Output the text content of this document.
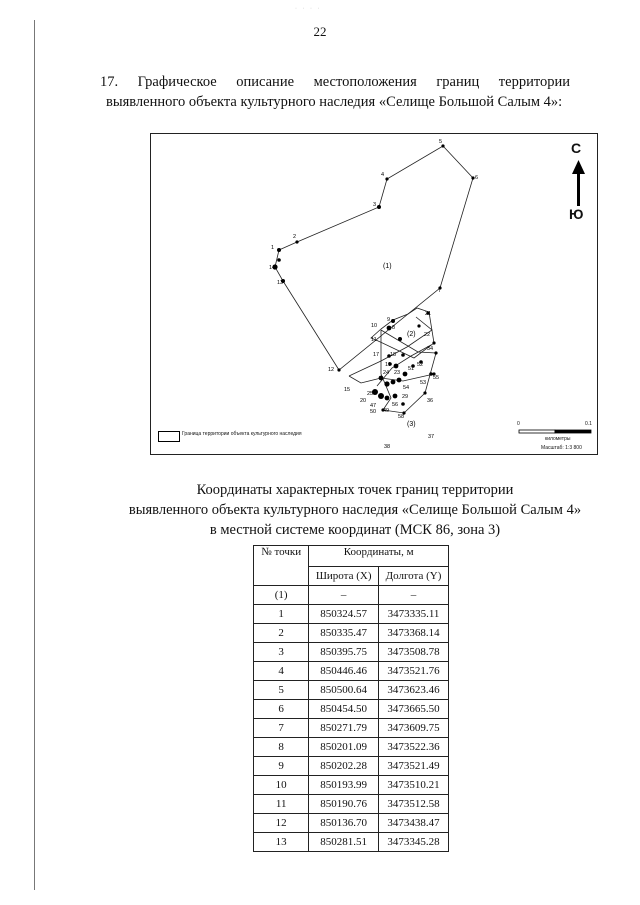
· · · ·
22
17. Графическое описание местоположения границ территории
выявленного объекта культурного наследия «Селище Большой Салым 4»:
1
2
3
4
5
6
7
12
13
14
9
10	8
11
21
22
34
17 18
19
24 23
51
52
53
55
15
20
25
54
29
36
47
49
56
50
58
37
38
(1)
(2)
(3)
С
Ю
0	0.1
километры
Масштаб: 1:3 800
Граница территории объекта культурного наследия
Координаты характерных точек границ территории
выявленного объекта культурного наследия «Селище Большой Салым 4»
в местной системе координат (МСК 86, зона 3)
№ точки	Координаты, м	
	Широта (X)	Долгота (Y)
(1)	–	–
1	850324.57	3473335.11
2	850335.47	3473368.14
3	850395.75	3473508.78
4	850446.46	3473521.76
5	850500.64	3473623.46
6	850454.50	3473665.50
7	850271.79	3473609.75
8	850201.09	3473522.36
9	850202.28	3473521.49
10	850193.99	3473510.21
11	850190.76	3473512.58
12	850136.70	3473438.47
13	850281.51	3473345.28
